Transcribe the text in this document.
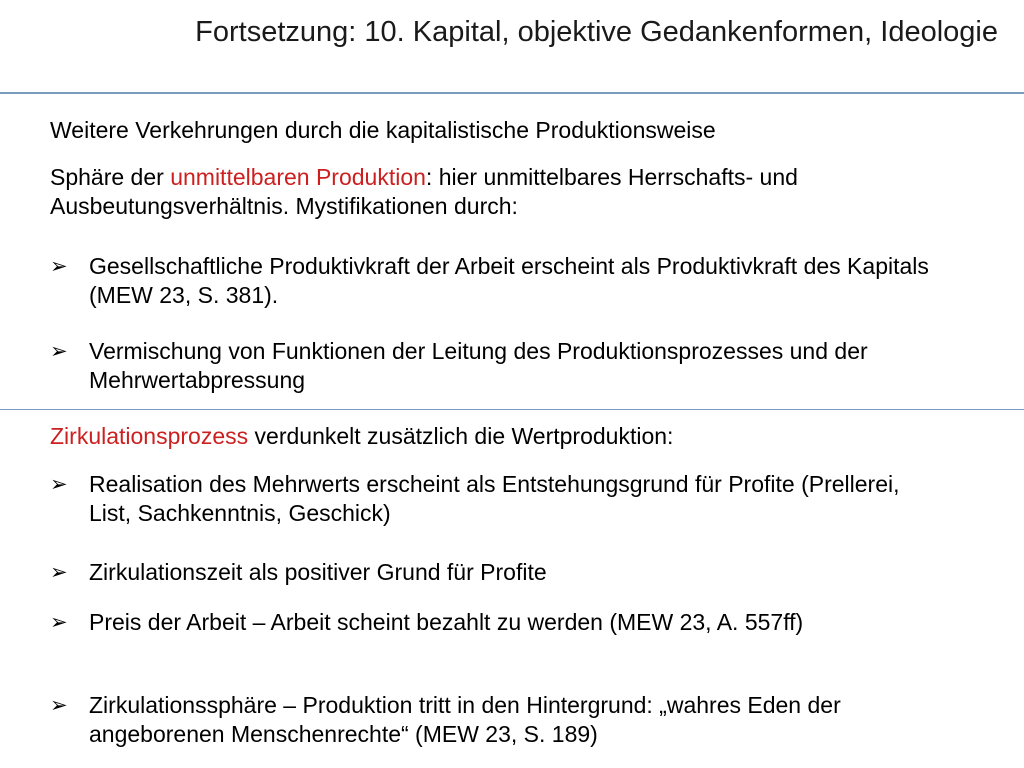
Fortsetzung: 10. Kapital, objektive Gedankenformen, Ideologie
Weitere Verkehrungen durch die kapitalistische Produktionsweise
Sphäre der unmittelbaren Produktion: hier unmittelbares Herrschafts- und Ausbeutungsverhältnis. Mystifikationen durch:
➢ Gesellschaftliche Produktivkraft der Arbeit erscheint als Produktivkraft des Kapitals (MEW 23, S. 381).
➢ Vermischung von Funktionen der Leitung des Produktionsprozesses und der Mehrwertabpressung
Zirkulationsprozess verdunkelt zusätzlich die Wertproduktion:
➢ Realisation des Mehrwerts erscheint als Entstehungsgrund für Profite (Prellerei, List, Sachkenntnis, Geschick)
➢ Zirkulationszeit als positiver Grund für Profite
➢ Preis der Arbeit – Arbeit scheint bezahlt zu werden (MEW 23, A. 557ff)
➢ Zirkulationssphäre – Produktion tritt in den Hintergrund: „wahres Eden der angeborenen Menschenrechte“ (MEW 23, S. 189)
